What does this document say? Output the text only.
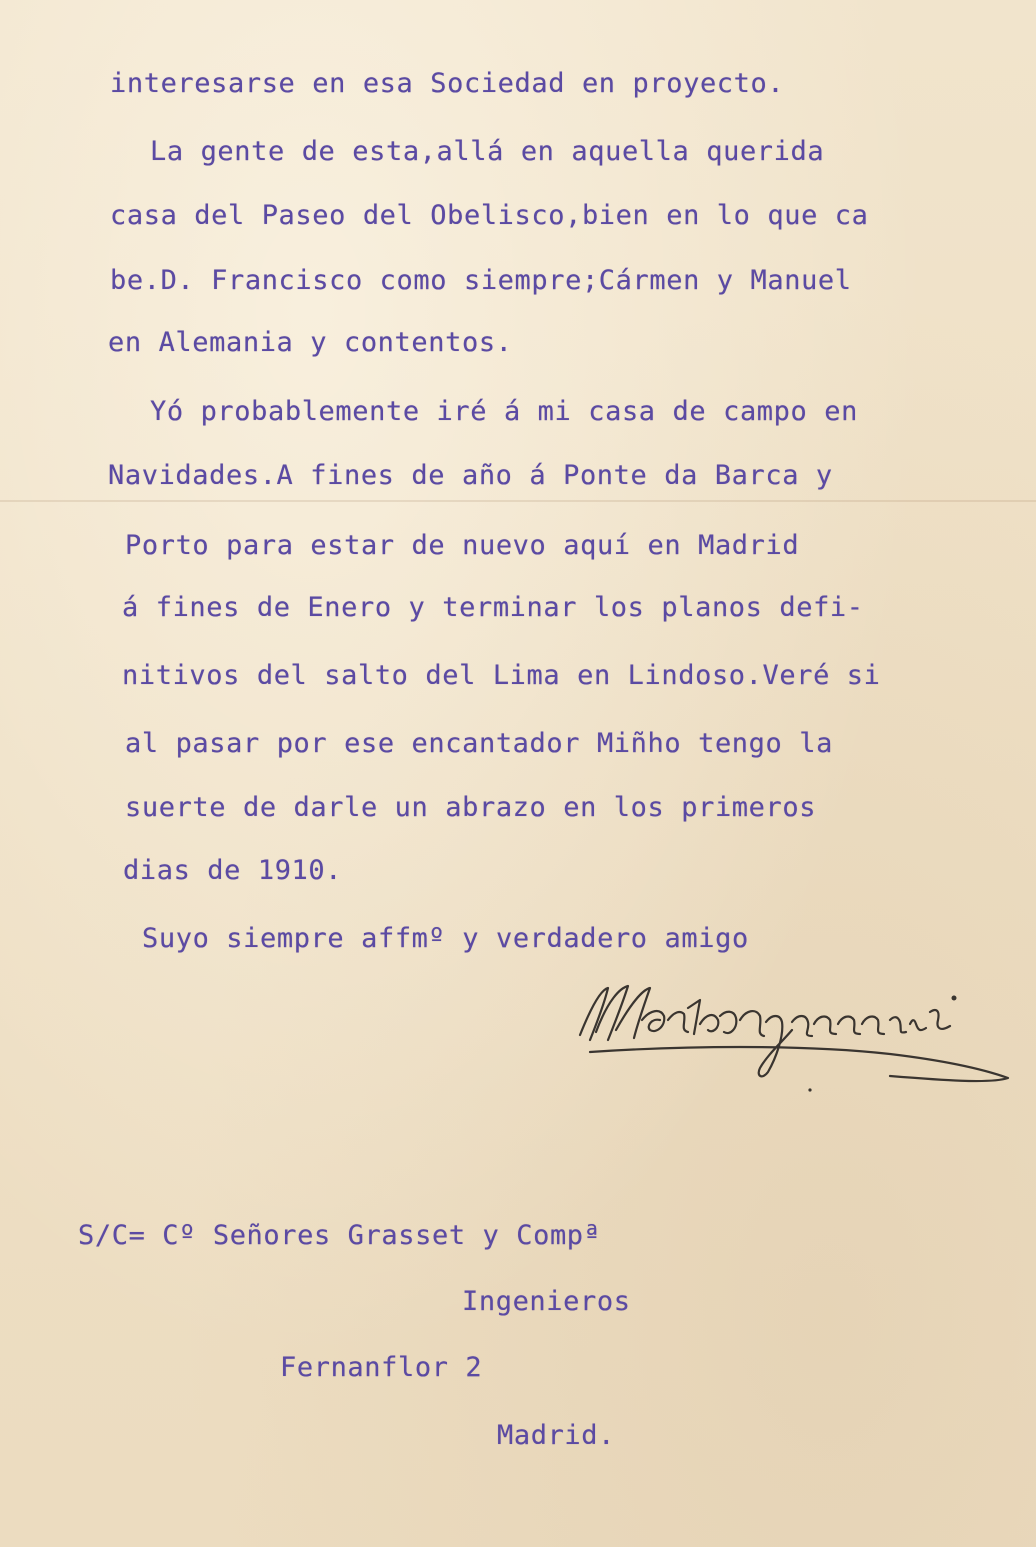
interesarse en esa Sociedad en proyecto.
La gente de esta,allá en aquella querida
casa del Paseo del Obelisco,bien en lo que ca
be.D. Francisco como siempre;Cármen y Manuel
en Alemania y contentos.
Yó probablemente iré á mi casa de campo en
Navidades.A fines de año á Ponte da Barca y
Porto para estar de nuevo aquí en Madrid
á fines de Enero y terminar los planos defi-
nitivos del salto del Lima en Lindoso.Veré si
al pasar por ese encantador Miñho tengo la
suerte de darle un abrazo en los primeros
dias de 1910.
Suyo siempre affmº y verdadero amigo
S/C= Cº Señores Grasset y Compª
Ingenieros
Fernanflor 2
Madrid.
